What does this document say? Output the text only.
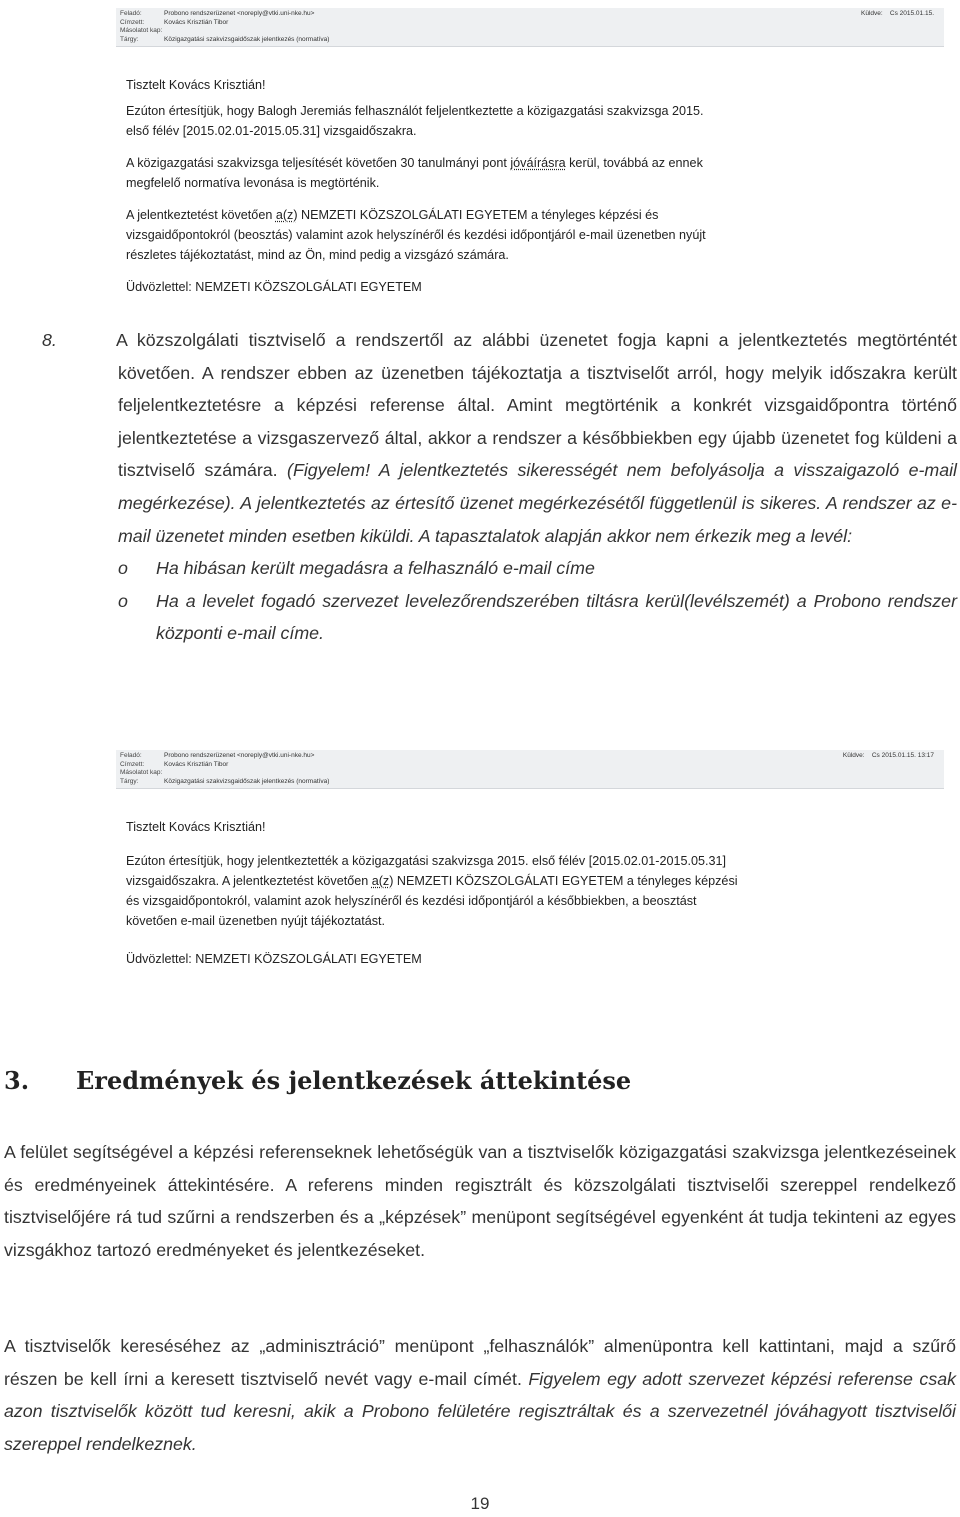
Feladó:	Probono rendszerüzenet <noreply@vtki.uni-nke.hu>
Címzett:	Kovács Krisztián Tibor
Másolatot kap:
Tárgy:	Közigazgatási szakvizsgaidőszak jelentkezés (normatíva)
Küldve: Cs 2015.01.15.

Tisztelt Kovács Krisztián!

Ezúton értesítjük, hogy Balogh Jeremiás felhasználót feljelentkeztette a közigazgatási szakvizsga 2015. első félév [2015.02.01-2015.05.31] vizsgaidőszakra.

A közigazgatási szakvizsga teljesítését követően 30 tanulmányi pont jóváírásra kerül, továbbá az ennek megfelelő normatíva levonása is megtörténik.

A jelentkeztetést követően a(z) NEMZETI KÖZSZOLGÁLATI EGYETEM a tényleges képzési és vizsgaidőpontokról (beosztás) valamint azok helyszínéről és kezdési időpontjáról e-mail üzenetben nyújt részletes tájékoztatást, mind az Ön, mind pedig a vizsgázó számára.

Üdvözlettel: NEMZETI KÖZSZOLGÁLATI EGYETEM

8.	A közszolgálati tisztviselő a rendszertől az alábbi üzenetet fogja kapni a jelentkeztetés megtörténtét követően. A rendszer ebben az üzenetben tájékoztatja a tisztviselőt arról, hogy melyik időszakra került feljelentkeztetésre a képzési referense által. Amint megtörténik a konkrét vizsgaidőpontra történő jelentkeztetése a vizsgaszervező által, akkor a rendszer a későbbiekben egy újabb üzenetet fog küldeni a tisztviselő számára. (Figyelem! A jelentkeztetés sikerességét nem befolyásolja a visszaigazoló e-mail megérkezése). A jelentkeztetés az értesítő üzenet megérkezésétől függetlenül is sikeres. A rendszer az e-mail üzenetet minden esetben kiküldi. A tapasztalatok alapján akkor nem érkezik meg a levél:

o	Ha hibásan került megadásra a felhasználó e-mail címe
o	Ha a levelet fogadó szervezet levelezőrendszerében tiltásra kerül(levélszemét) a Probono rendszer központi e-mail címe.
Feladó:	Probono rendszerüzenet <noreply@vtki.uni-nke.hu>
Címzett:	Kovács Krisztián Tibor
Másolatot kap:
Tárgy:	Közigazgatási szakvizsgaidőszak jelentkezés (normatíva)
Küldve: Cs 2015.01.15. 13:17

Tisztelt Kovács Krisztián!

Ezúton értesítjük, hogy jelentkeztették a közigazgatási szakvizsga 2015. első félév [2015.02.01-2015.05.31] vizsgaidőszakra. A jelentkeztetést követően a(z) NEMZETI KÖZSZOLGÁLATI EGYETEM a tényleges képzési és vizsgaidőpontokról, valamint azok helyszínéről és kezdési időpontjáról a későbbiekben, a beosztást követően e-mail üzenetben nyújt tájékoztatást.

Üdvözlettel: NEMZETI KÖZSZOLGÁLATI EGYETEM

3. Eredmények és jelentkezések áttekintése

A felület segítségével a képzési referenseknek lehetőségük van a tisztviselők közigazgatási szakvizsga jelentkezéseinek és eredményeinek áttekintésére. A referens minden regisztrált és közszolgálati tisztviselői szereppel rendelkező tisztviselőjére rá tud szűrni a rendszerben és a „képzések” menüpont segítségével egyenként át tudja tekinteni az egyes vizsgákhoz tartozó eredményeket és jelentkezéseket.

A tisztviselők kereséséhez az „adminisztráció” menüpont „felhasználók” almenüpontra kell kattintani, majd a szűrő részen be kell írni a keresett tisztviselő nevét vagy e-mail címét. Figyelem egy adott szervezet képzési referense csak azon tisztviselők között tud keresni, akik a Probono felületére regisztráltak és a szervezetnél jóváhagyott tisztviselői szereppel rendelkeznek.

19
